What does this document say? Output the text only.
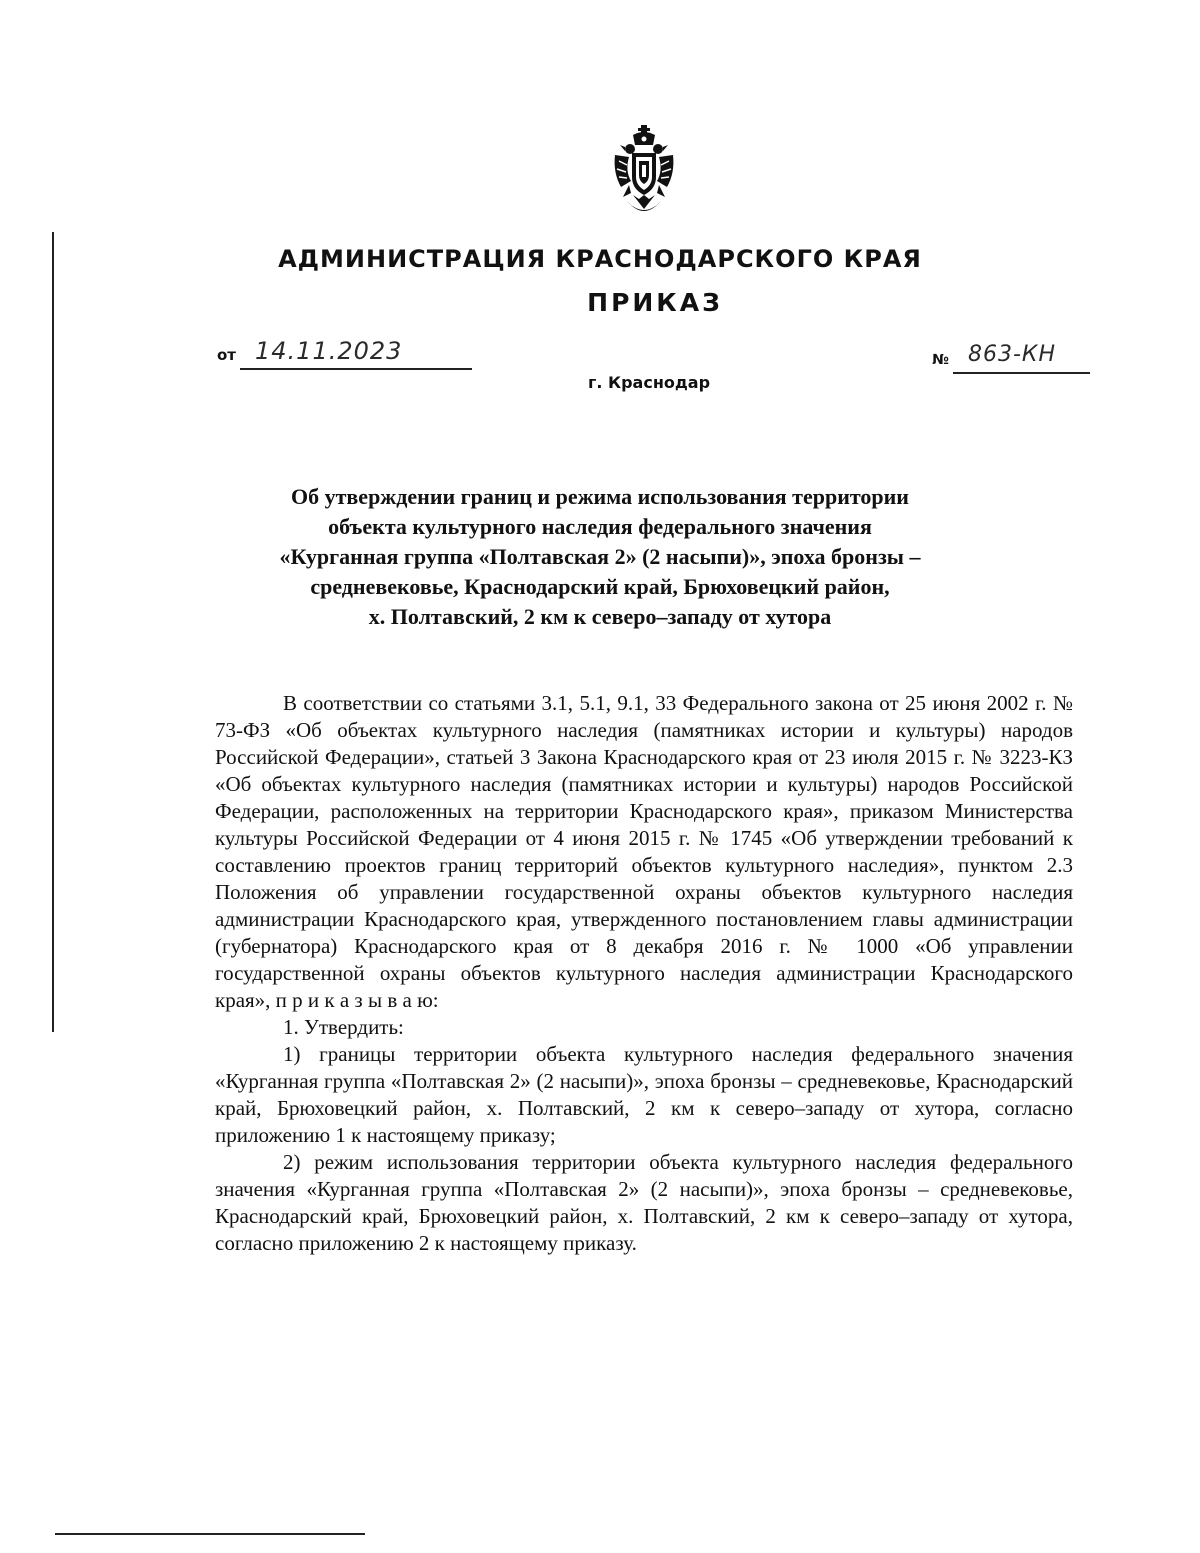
АДМИНИСТРАЦИЯ КРАСНОДАРСКОГО КРАЯ
ПРИКАЗ
от 14.11.2023	№ 863-КН
г. Краснодар
Об утверждении границ и режима использования территории
объекта культурного наследия федерального значения
«Курганная группа «Полтавская 2» (2 насыпи)», эпоха бронзы –
средневековье, Краснодарский край, Брюховецкий район,
х. Полтавский, 2 км к северо–западу от хутора

В соответствии со статьями 3.1, 5.1, 9.1, 33 Федерального закона от 25 июня 2002 г. № 73-ФЗ «Об объектах культурного наследия (памятниках истории и культуры) народов Российской Федерации», статьей 3 Закона Краснодарского края от 23 июля 2015 г. № 3223-КЗ «Об объектах культурного наследия (памятниках истории и культуры) народов Российской Федерации, расположенных на территории Краснодарского края», приказом Министерства культуры Российской Федерации от 4 июня 2015 г. № 1745 «Об утверждении требований к составлению проектов границ территорий объектов культурного наследия», пунктом 2.3 Положения об управлении государственной охраны объектов культурного наследия администрации Краснодарского края, утвержденного постановлением главы администрации (губернатора) Краснодарского края от 8 декабря 2016 г. № 1000 «Об управлении государственной охраны объектов культурного наследия администрации Краснодарского края», п р и к а з ы в а ю:

1. Утвердить:

1) границы территории объекта культурного наследия федерального значения «Курганная группа «Полтавская 2» (2 насыпи)», эпоха бронзы – средневековье, Краснодарский край, Брюховецкий район, х. Полтавский, 2 км к северо–западу от хутора, согласно приложению 1 к настоящему приказу;

2) режим использования территории объекта культурного наследия федерального значения «Курганная группа «Полтавская 2» (2 насыпи)», эпоха бронзы – средневековье, Краснодарский край, Брюховецкий район, х. Полтавский, 2 км к северо–западу от хутора, согласно приложению 2 к настоящему приказу.
